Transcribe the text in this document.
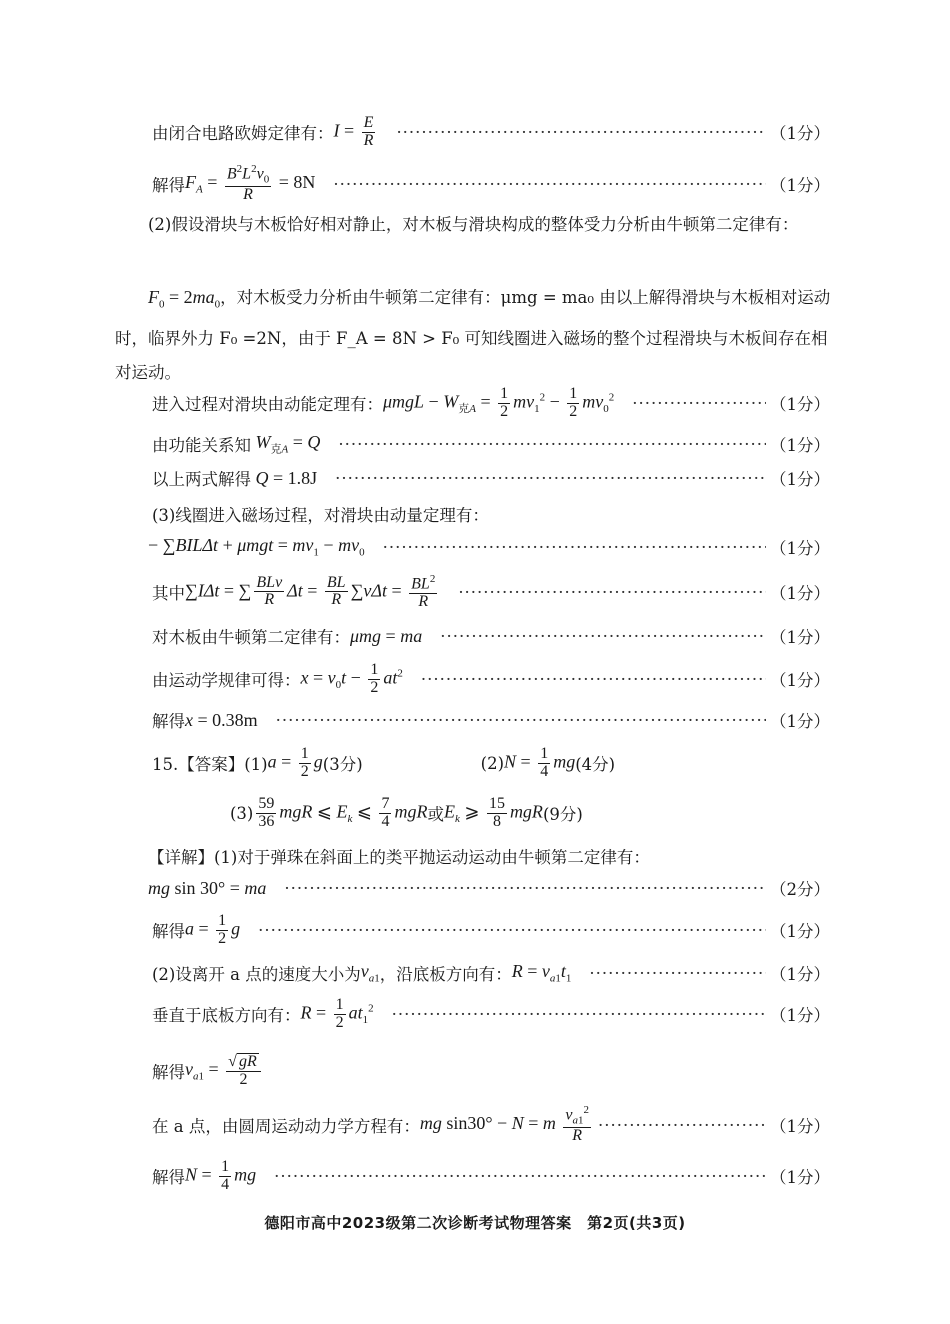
由闭合电路欧姆定律有： $I = \frac{E}{R}$ ·····	（1分）
解得 $F_A = \frac{B^2L^2v_0}{R} = 8N$ ·····	（1分）
(2)假设滑块与木板恰好相对静止，对木板与滑块构成的整体受力分析由牛顿第二定律有：
$F_0 = 2ma_0$，对木板受力分析由牛顿第二定律有：μmg = ma₀ 由以上解得滑块与木板相对运动时，临界外力 F₀ =2N，由于 F_A = 8N > F₀ 可知线圈进入磁场的整个过程滑块与木板间存在相对运动。
进入过程对滑块由动能定理有： $\mu mgL - W_{克A} = \frac{1}{2} mv_1^2 - \frac{1}{2} mv_0^2$ ·····	（1分）
由功能关系知 $W_{克A} = Q$ ·····	（1分）
以上两式解得 Q = 1.8J ·····	（1分）
(3)线圈进入磁场过程，对滑块由动量定理有：
− $\sum BIL\Delta t + \mu mgt = mv_1 - mv_0$ ·····	（1分）
其中 ∑IΔt = ∑ $\frac{\text{BLv}}{R}$ $\Delta t = \frac{BL}{R} \sum v\Delta t = \frac{BL^2}{R}$ ·····	（1分）
对木板由牛顿第二定律有： μmg = ma ·····	（1分）
由运动学规律可得： $x = v_0t - \frac{1}{2} at^2$ ·····	（1分）
解得 x = 0.38m ·····	（1分）
15.【答案】(1) $a = \frac{1}{2}$ g (3分)	(2) $N = \frac{1}{4}$ mg (4分)
$(3) \frac{59}{36}$ mgR ⩽ $E_k$ ⩽ $\frac{7}{4}$ mgR 或 $E_k$ ⩾ $\frac{15}{8}$ mgR (9分)
【详解】(1)对于弹珠在斜面上的类平抛运动运动由牛顿第二定律有：
mg sin 30° = ma ·····	（2分）
解得 $a = \frac{1}{2}$ g ·····	（1分）
(2)设离开 a 点的速度大小为 $v_{a1}$ ，沿底板方向有： $R = v_{a1}t_1$ ·····	（1分）
垂直于底板方向有： $R = \frac{1}{2} at_1^2$ ·····	（1分）
解得 $v_{a1} = \frac{√ gR}{2}$
在 a 点，由圆周运动动力学方程有： mg sin30° − N = m $\frac{v_{a1}^2}{R}$ ·····	（1分）
解得 $N = \frac{1}{4}$ mg ·····	（1分）
德阳市高中2023级第二次诊断考试物理答案　第2页(共3页)
